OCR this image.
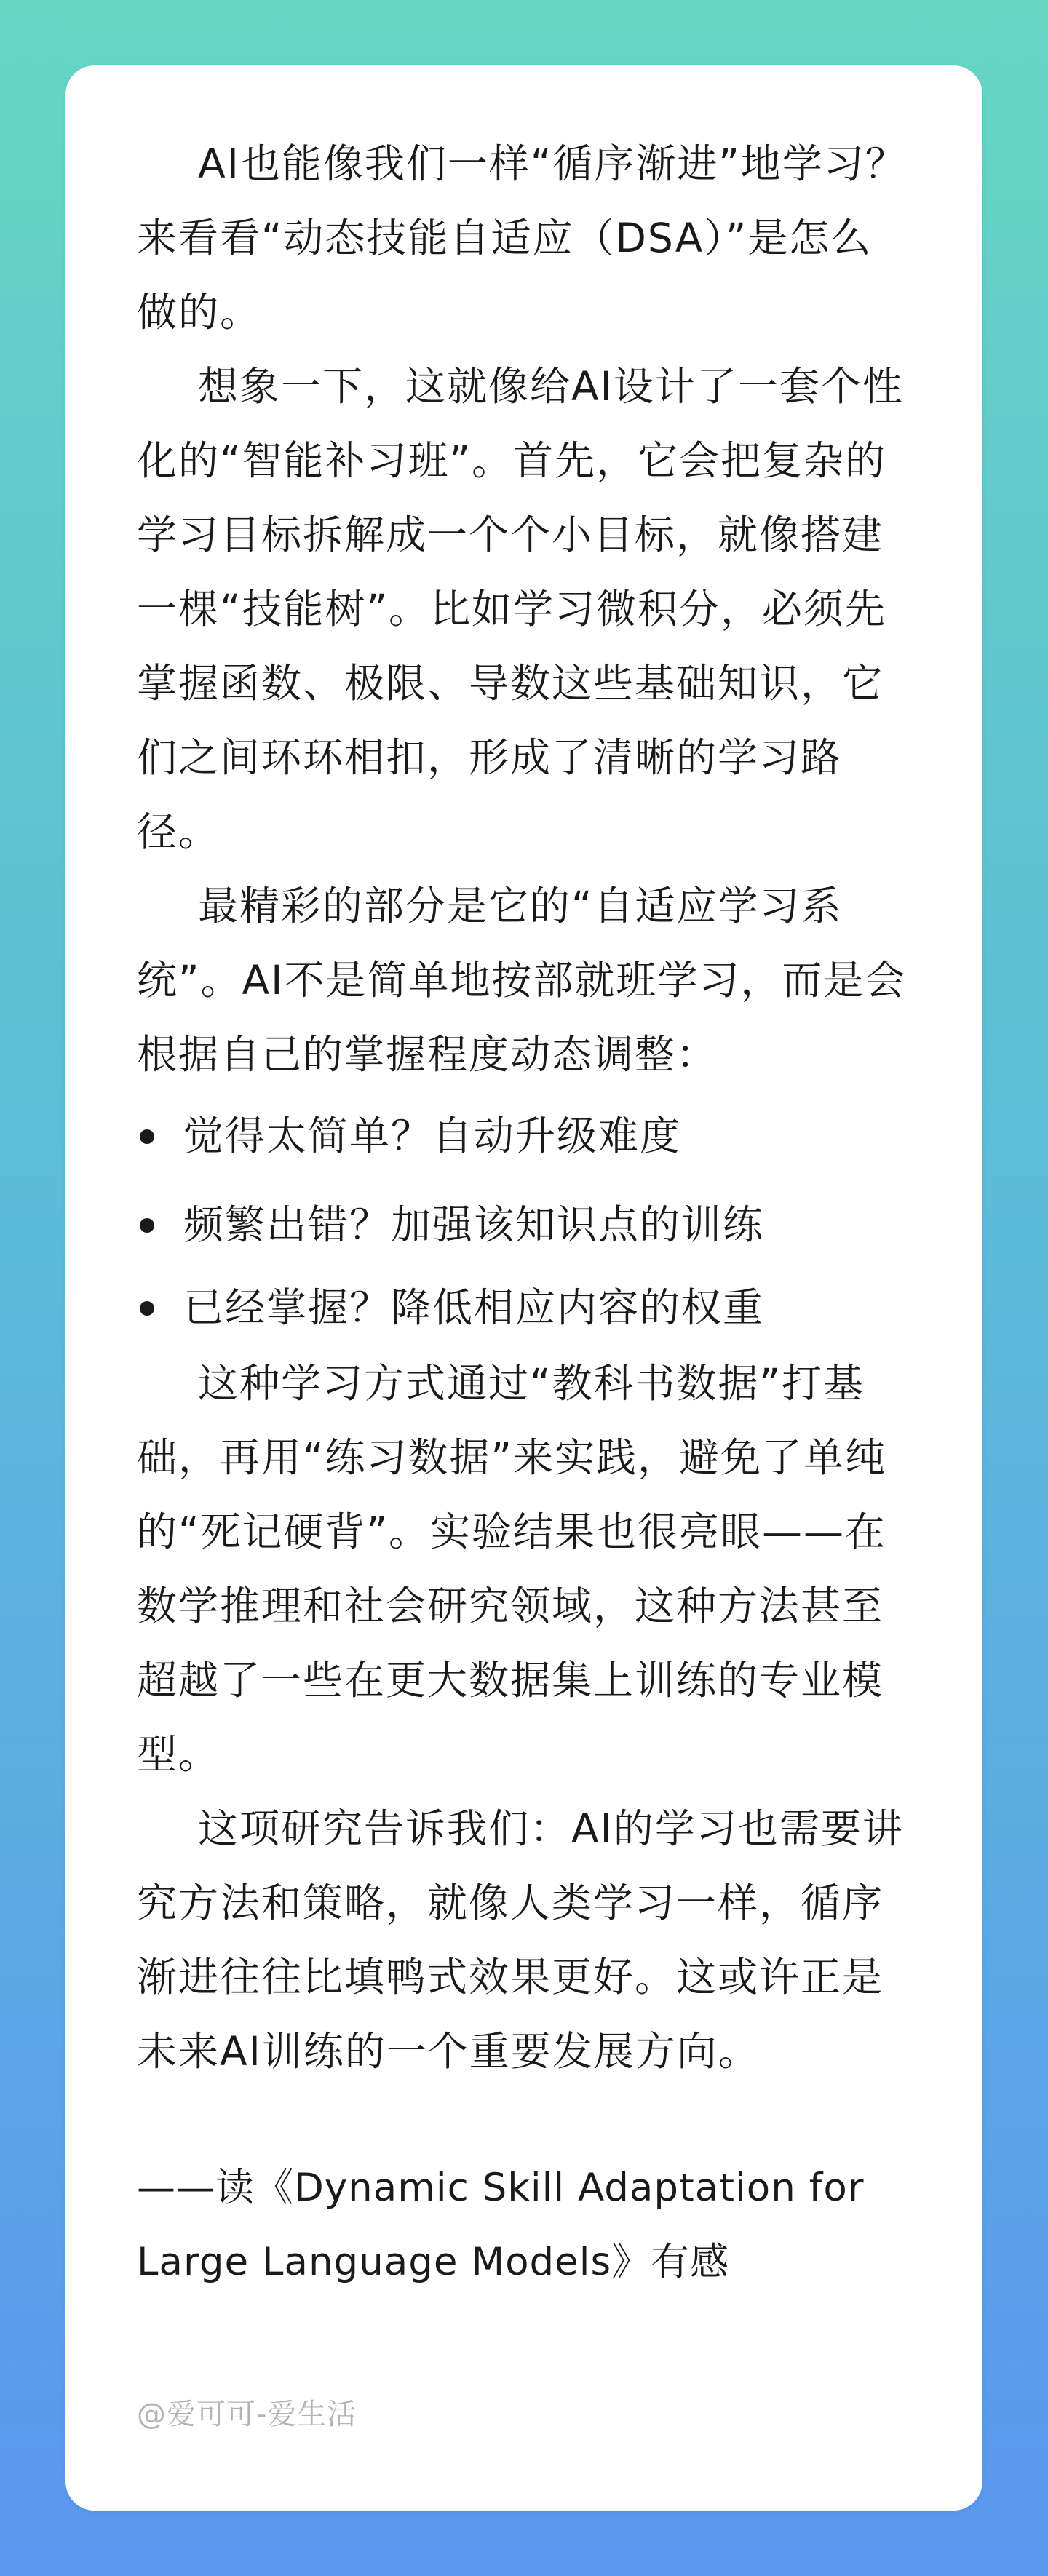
AI也能像我们一样“循序渐进”地学习？来看看“动态技能自适应（DSA）”是怎么做的。

想象一下，这就像给AI设计了一套个性化的“智能补习班”。首先，它会把复杂的学习目标拆解成一个个小目标，就像搭建一棵“技能树”。比如学习微积分，必须先掌握函数、极限、导数这些基础知识，它们之间环环相扣，形成了清晰的学习路径。

最精彩的部分是它的“自适应学习系统”。AI不是简单地按部就班学习，而是会根据自己的掌握程度动态调整：

觉得太简单？自动升级难度
频繁出错？加强该知识点的训练
已经掌握？降低相应内容的权重

这种学习方式通过“教科书数据”打基础，再用“练习数据”来实践，避免了单纯的“死记硬背”。实验结果也很亮眼——在数学推理和社会研究领域，这种方法甚至超越了一些在更大数据集上训练的专业模型。

这项研究告诉我们：AI的学习也需要讲究方法和策略，就像人类学习一样，循序渐进往往比填鸭式效果更好。这或许正是未来AI训练的一个重要发展方向。

——读《Dynamic Skill Adaptation for

Large Language Models》有感

@爱可可-爱生活
